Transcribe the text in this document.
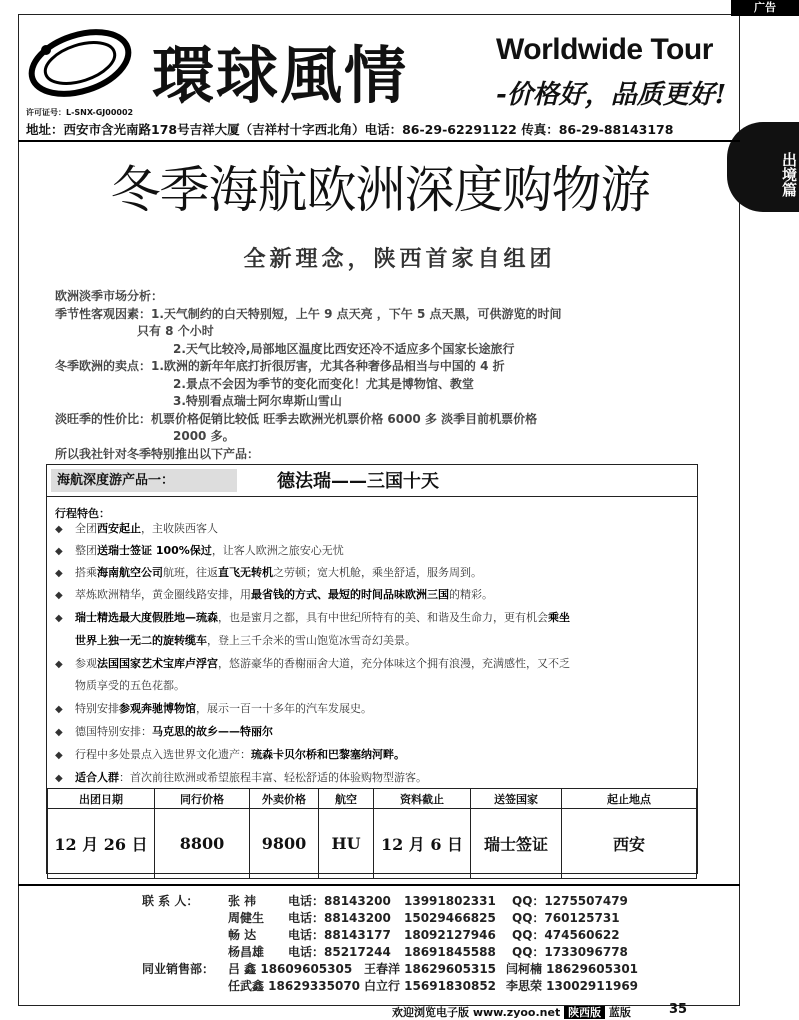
广告
出境篇
環球風情	Worldwide Tour
-价格好，品质更好!
许可证号：L-SNX-GJ00002
地址：西安市含光南路178号吉祥大厦（吉祥村十字西北角）电话：86-29-62291122 传真：86-29-88143178
冬季海航欧洲深度购物游
全新理念，陕西首家自组团
欧洲淡季市场分析：
季节性客观因素：1.天气制约的白天特别短，上午 9 点天亮 ，下午 5 点天黑，可供游览的时间
只有 8 个小时
2.天气比较冷,局部地区温度比西安还冷不适应多个国家长途旅行
冬季欧洲的卖点：1.欧洲的新年年底打折很厉害，尤其各种奢侈品相当与中国的 4 折
2.景点不会因为季节的变化而变化！尤其是博物馆、教堂
3.特别看点瑞士阿尔卑斯山雪山
淡旺季的性价比：机票价格促销比较低 旺季去欧洲光机票价格 6000 多 淡季目前机票价格
2000 多。
所以我社针对冬季特别推出以下产品：
海航深度游产品一：	德法瑞——三国十天
行程特色：
◆ 全团西安起止，主收陕西客人
◆ 整团送瑞士签证 100%保过，让客人欧洲之旅安心无忧
◆ 搭乘海南航空公司航班，往返直飞无转机之劳顿；宽大机舱，乘坐舒适，服务周到。
◆ 萃炼欧洲精华，黄金圈线路安排，用最省钱的方式、最短的时间品味欧洲三国的精彩。
◆ 瑞士精选最大度假胜地—琉森，也是蜜月之都，具有中世纪所特有的美、和谐及生命力，更有机会乘坐
世界上独一无二的旋转缆车，登上三千余米的雪山饱览冰雪奇幻美景。
◆ 参观法国国家艺术宝库卢浮宫，悠游豪华的香榭丽舍大道，充分体味这个拥有浪漫，充满感性，又不乏
物质享受的五色花都。
◆ 特别安排参观奔驰博物馆，展示一百一十多年的汽车发展史。
◆ 德国特别安排：马克思的故乡——特丽尔
◆ 行程中多处景点入选世界文化遗产：琉森卡贝尔桥和巴黎塞纳河畔。
◆ 适合人群：首次前往欧洲或希望旅程丰富、轻松舒适的体验购物型游客。
出团日期	同行价格	外卖价格	航空	资料截止	送签国家	起止地点
12 月 26 日	8800	9800	HU	12 月 6 日	瑞士签证	西安
联 系 人： 张 祎	电话：88143200 13991802331 QQ：1275507479
周健生 电话：88143200 15029466825 QQ：760125731
畅 达	电话：88143177 18092127946 QQ：474560622
杨昌雄 电话：85217244 18691845588 QQ：1733096778
同业销售部： 吕 鑫 18609605305 王春洋 18629605315 闫柯楠 18629605301
任武鑫 18629335070 白立行 15691830852 李思荣 13002911969
欢迎浏览电子版 www.zyoo.net 陕西版 蓝版	35
